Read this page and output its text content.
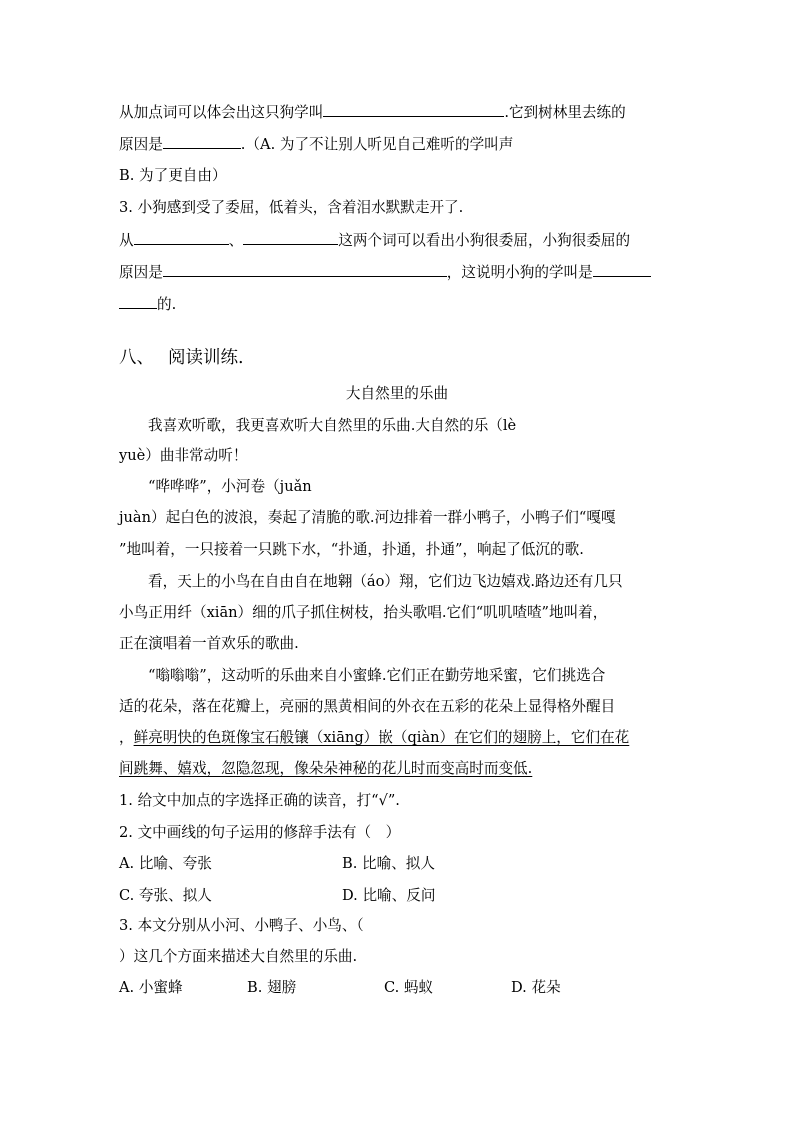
从加点词可以体会出这只狗学叫	.它到树林里去练的
原因是	.（A. 为了不让别人听见自己难听的学叫声
B. 为了更自由）
3. 小狗感到受了委屈，低着头，含着泪水默默走开了.
从	、	这两个词可以看出小狗很委屈，小狗很委屈的
原因是	，这说明小狗的学叫是
的.
八、 阅读训练.
大自然里的乐曲
我喜欢听歌，我更喜欢听大自然里的乐曲.大自然的乐（lè
yuè）曲非常动听！
“哗哗哗”，小河卷（juǎn
juàn）起白色的波浪，奏起了清脆的歌.河边排着一群小鸭子，小鸭子们“嘎嘎
”地叫着，一只接着一只跳下水，“扑通，扑通，扑通”，响起了低沉的歌.
看，天上的小鸟在自由自在地翱（áo）翔，它们边飞边嬉戏.路边还有几只
小鸟正用纤（xiān）细的爪子抓住树枝，抬头歌唱.它们“叽叽喳喳”地叫着，
正在演唱着一首欢乐的歌曲.
“嗡嗡嗡”，这动听的乐曲来自小蜜蜂.它们正在勤劳地采蜜，它们挑选合
适的花朵，落在花瓣上，亮丽的黑黄相间的外衣在五彩的花朵上显得格外醒目
，鲜亮明快的色斑像宝石般镶（xiāng）嵌（qiàn）在它们的翅膀上，它们在花
间跳舞、嬉戏，忽隐忽现，像朵朵神秘的花儿时而变高时而变低.
1. 给文中加点的字选择正确的读音，打“√”.
2. 文中画线的句子运用的修辞手法有（　）
A. 比喻、夸张	B. 比喻、拟人
C. 夸张、拟人	D. 比喻、反问
3. 本文分别从小河、小鸭子、小鸟、（
）这几个方面来描述大自然里的乐曲.
A. 小蜜蜂	B. 翅膀	C. 蚂蚁	D. 花朵
